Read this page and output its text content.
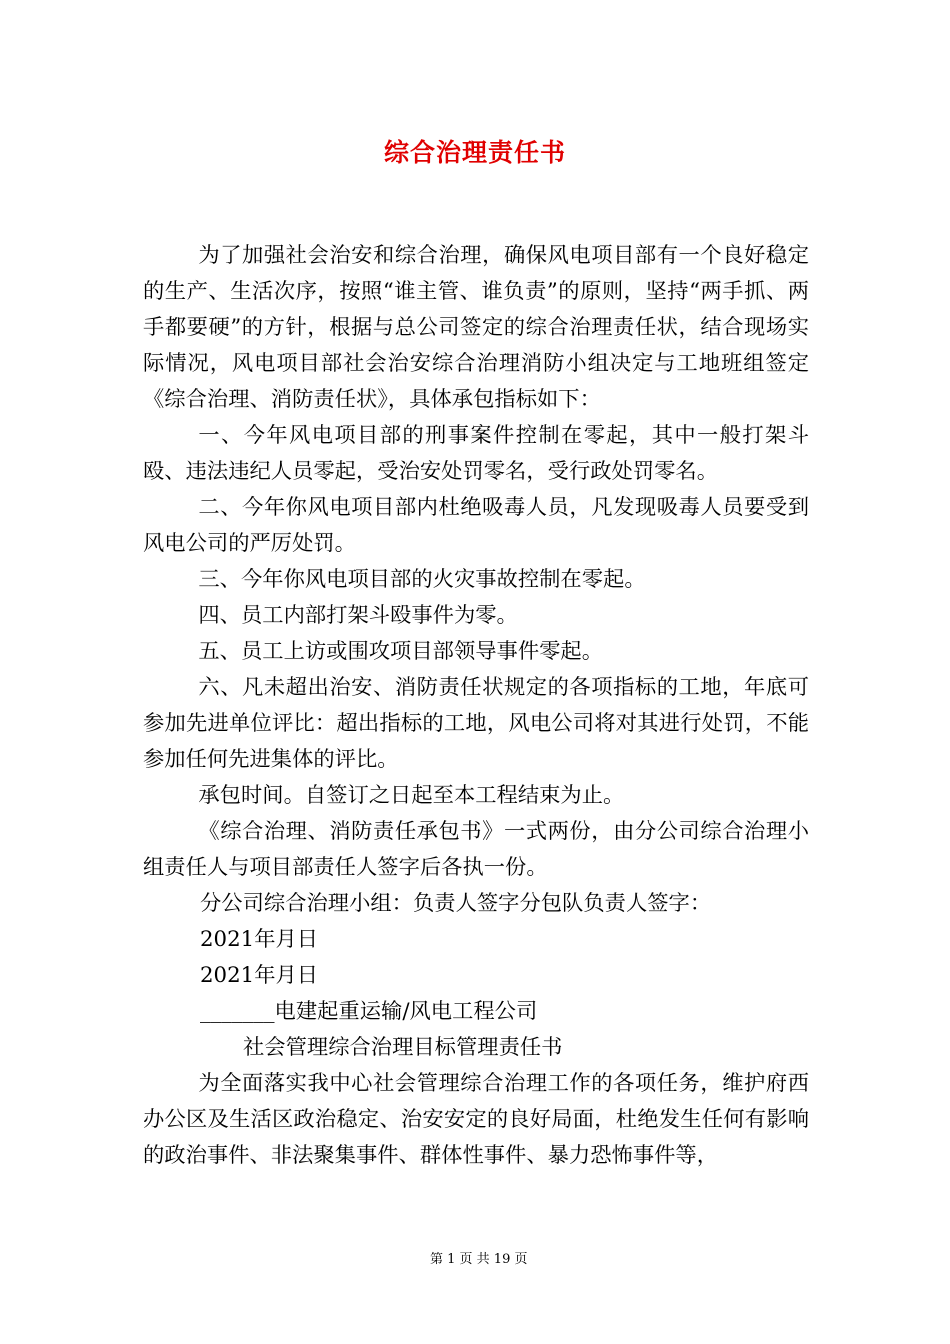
综合治理责任书

为了加强社会治安和综合治理，确保风电项目部有一个良好稳定的生产、生活次序，按照“谁主管、谁负责”的原则，坚持“两手抓、两手都要硬”的方针，根据与总公司签定的综合治理责任状，结合现场实际情况，风电项目部社会治安综合治理消防小组决定与工地班组签定《综合治理、消防责任状》，具体承包指标如下：

一、今年风电项目部的刑事案件控制在零起，其中一般打架斗殴、违法违纪人员零起，受治安处罚零名，受行政处罚零名。

二、今年你风电项目部内杜绝吸毒人员，凡发现吸毒人员要受到风电公司的严厉处罚。

三、今年你风电项目部的火灾事故控制在零起。

四、员工内部打架斗殴事件为零。

五、员工上访或围攻项目部领导事件零起。

六、凡未超出治安、消防责任状规定的各项指标的工地，年底可参加先进单位评比：超出指标的工地，风电公司将对其进行处罚，不能参加任何先进集体的评比。

承包时间。自签订之日起至本工程结束为止。

《综合治理、消防责任承包书》一式两份，由分公司综合治理小组责任人与项目部责任人签字后各执一份。

分公司综合治理小组：负责人签字分包队负责人签字：

2021年月日

2021年月日

_______电建起重运输/风电工程公司

社会管理综合治理目标管理责任书

为全面落实我中心社会管理综合治理工作的各项任务，维护府西办公区及生活区政治稳定、治安安定的良好局面，杜绝发生任何有影响的政治事件、非法聚集事件、群体性事件、暴力恐怖事件等，

第 1 页 共 19 页
